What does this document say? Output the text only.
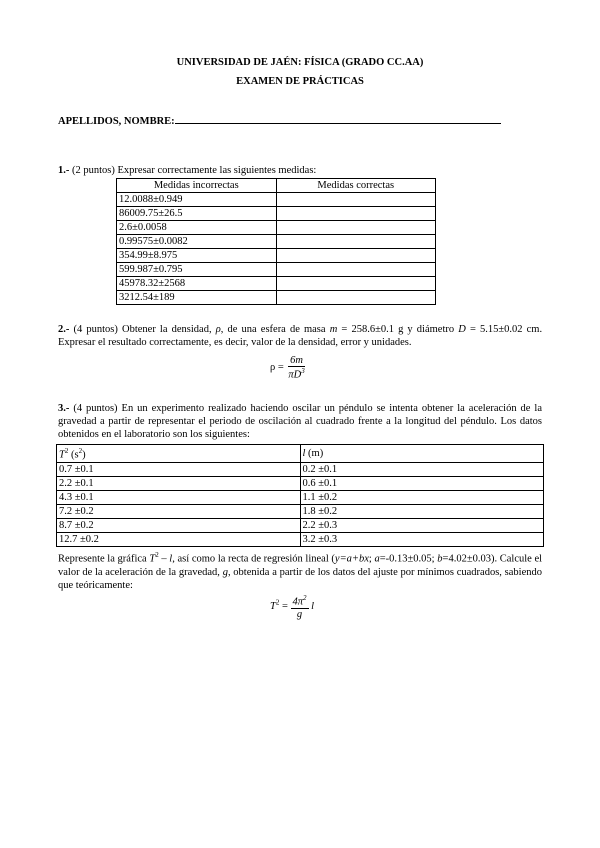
UNIVERSIDAD DE JAÉN: FÍSICA (GRADO CC.AA)
EXAMEN DE PRÁCTICAS
APELLIDOS, NOMBRE:
1.- (2 puntos) Expresar correctamente las siguientes medidas:
Medidas incorrectas	Medidas correctas
12.0088±0.949	
86009.75±26.5	
2.6±0.0058	
0.99575±0.0082	
354.99±8.975	
599.987±0.795	
45978.32±2568	
3212.54±189	
2.- (4 puntos) Obtener la densidad, ρ, de una esfera de masa m = 258.6±0.1 g y diámetro D = 5.15±0.02 cm. Expresar el resultado correctamente, es decir, valor de la densidad, error y unidades.
$\rho = \frac{6m}{\pi D^3}$
3.- (4 puntos) En un experimento realizado haciendo oscilar un péndulo se intenta obtener la aceleración de la gravedad a partir de representar el periodo de oscilación al cuadrado frente a la longitud del péndulo. Los datos obtenidos en el laboratorio son los siguientes:
$T^2$ $(s^2)$	l (m)
0.7 ±0.1	0.2 ±0.1
2.2 ±0.1	0.6 ±0.1
4.3 ±0.1	1.1 ±0.2
7.2 ±0.2	1.8 ±0.2
8.7 ±0.2	2.2 ±0.3
12.7 ±0.2	3.2 ±0.3
Represente la gráfica $T^2$ – l, así como la recta de regresión lineal (y=a+bx; a=-0.13±0.05; b=4.02±0.03). Calcule el valor de la aceleración de la gravedad, g, obtenida a partir de los datos del ajuste por mínimos cuadrados, sabiendo que teóricamente:
$T^2 = \frac{4\pi^2}{g}$ l
